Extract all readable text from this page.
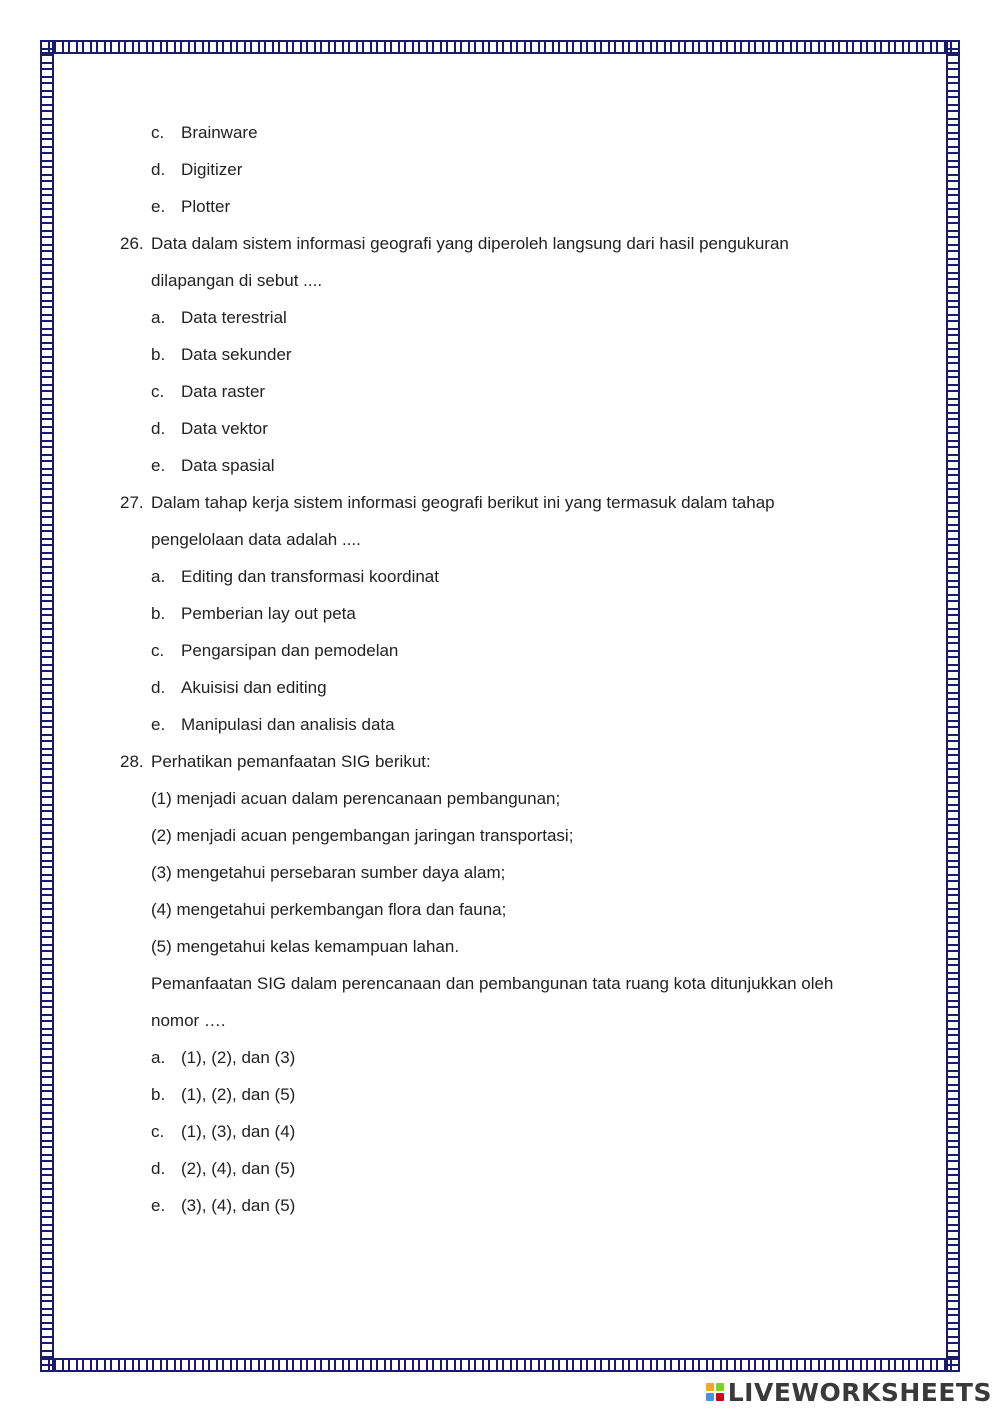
c. Brainware
d. Digitizer
e. Plotter
26. Data dalam sistem informasi geografi yang diperoleh langsung dari hasil pengukuran
dilapangan di sebut ....
a. Data terestrial
b. Data sekunder
c. Data raster
d. Data vektor
e. Data spasial
27. Dalam tahap kerja sistem informasi geografi berikut ini yang termasuk dalam tahap
pengelolaan data adalah ....
a. Editing dan transformasi koordinat
b. Pemberian lay out peta
c. Pengarsipan dan pemodelan
d. Akuisisi dan editing
e. Manipulasi dan analisis data
28. Perhatikan pemanfaatan SIG berikut:
(1) menjadi acuan dalam perencanaan pembangunan;
(2) menjadi acuan pengembangan jaringan transportasi;
(3) mengetahui persebaran sumber daya alam;
(4) mengetahui perkembangan flora dan fauna;
(5) mengetahui kelas kemampuan lahan.
Pemanfaatan SIG dalam perencanaan dan pembangunan tata ruang kota ditunjukkan oleh
nomor ….
a. (1), (2), dan (3)
b. (1), (2), dan (5)
c. (1), (3), dan (4)
d. (2), (4), dan (5)
e. (3), (4), dan (5)
LIVEWORKSHEETS
